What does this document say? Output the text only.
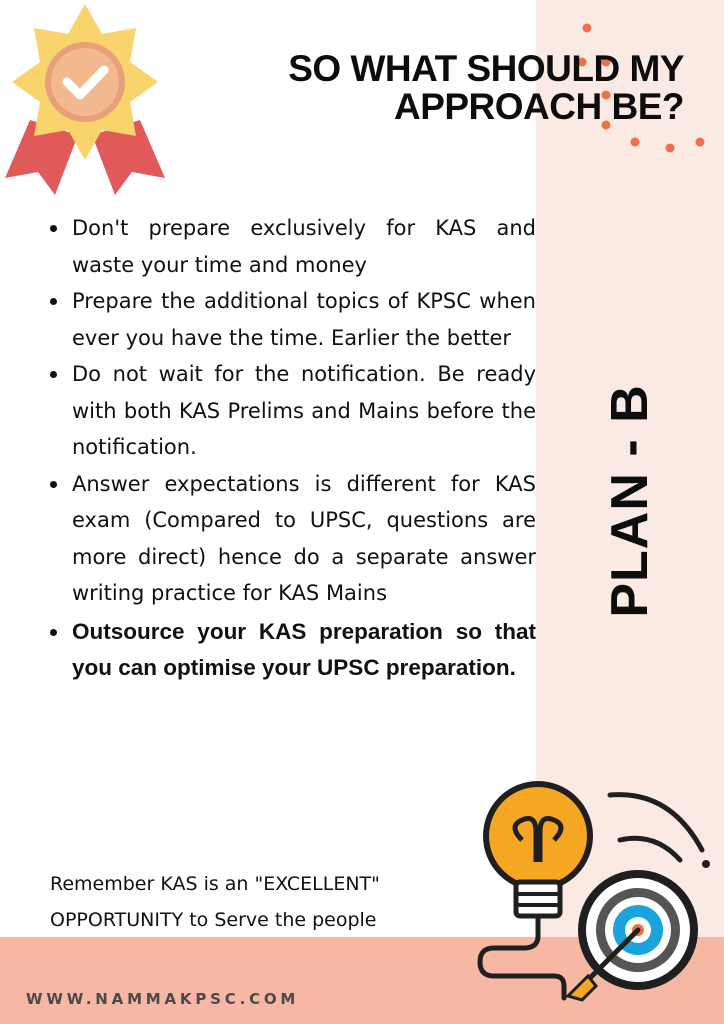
SO WHAT SHOULD MY
APPROACH BE?
Don't prepare exclusively for KAS and waste your time and money
Prepare the additional topics of KPSC when ever you have the time. Earlier the better
Do not wait for the notification. Be ready with both KAS Prelims and Mains before the notification.
Answer expectations is different for KAS exam (Compared to UPSC, questions are more direct) hence do a separate answer writing practice for KAS Mains
Outsource your KAS preparation so that you can optimise your UPSC preparation.
PLAN - B
Remember KAS is an "EXCELLENT"
OPPORTUNITY to Serve the people
WWW.NAMMAKPSC.COM
